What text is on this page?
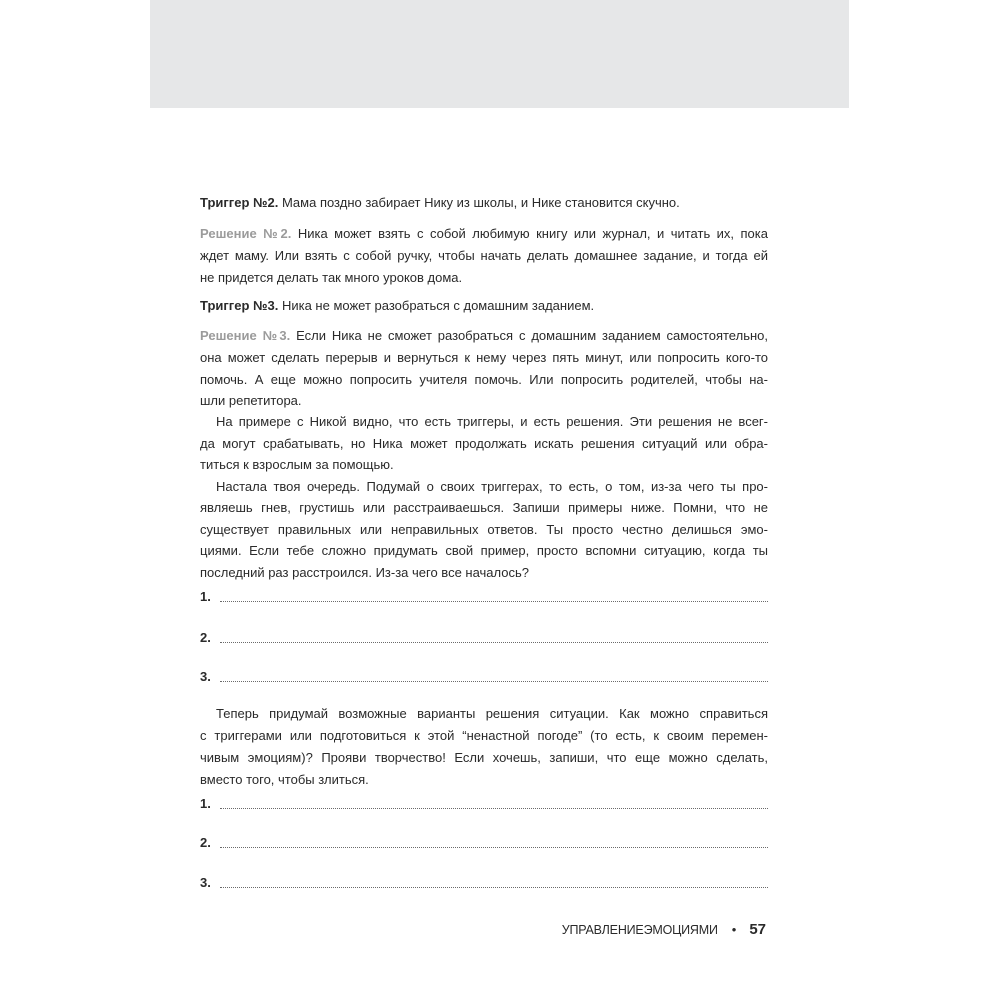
Триггер №2. Мама поздно забирает Нику из школы, и Нике становится скучно.
Решение №2. Ника может взять с собой любимую книгу или журнал, и читать их, пока
ждет маму. Или взять с собой ручку, чтобы начать делать домашнее задание, и тогда ей
не придется делать так много уроков дома.
Триггер №3. Ника не может разобраться с домашним заданием.
Решение №3. Если Ника не сможет разобраться с домашним заданием самостоятельно,
она может сделать перерыв и вернуться к нему через пять минут, или попросить кого-то
помочь. А еще можно попросить учителя помочь. Или попросить родителей, чтобы на-
шли репетитора.
На примере с Никой видно, что есть триггеры, и есть решения. Эти решения не всег-
да могут срабатывать, но Ника может продолжать искать решения ситуаций или обра-
титься к взрослым за помощью.
Настала твоя очередь. Подумай о своих триггерах, то есть, о том, из-за чего ты про-
являешь гнев, грустишь или расстраиваешься. Запиши примеры ниже. Помни, что не
существует правильных или неправильных ответов. Ты просто честно делишься эмо-
циями. Если тебе сложно придумать свой пример, просто вспомни ситуацию, когда ты
последний раз расстроился. Из-за чего все началось?
1.
2.
3.
Теперь придумай возможные варианты решения ситуации. Как можно справиться
с триггерами или подготовиться к этой “ненастной погоде” (то есть, к своим перемен-
чивым эмоциям)? Прояви творчество! Если хочешь, запиши, что еще можно сделать,
вместо того, чтобы злиться.
1.
2.
3.
УПРАВЛЕНИЕЭМОЦИЯМИ • 57
